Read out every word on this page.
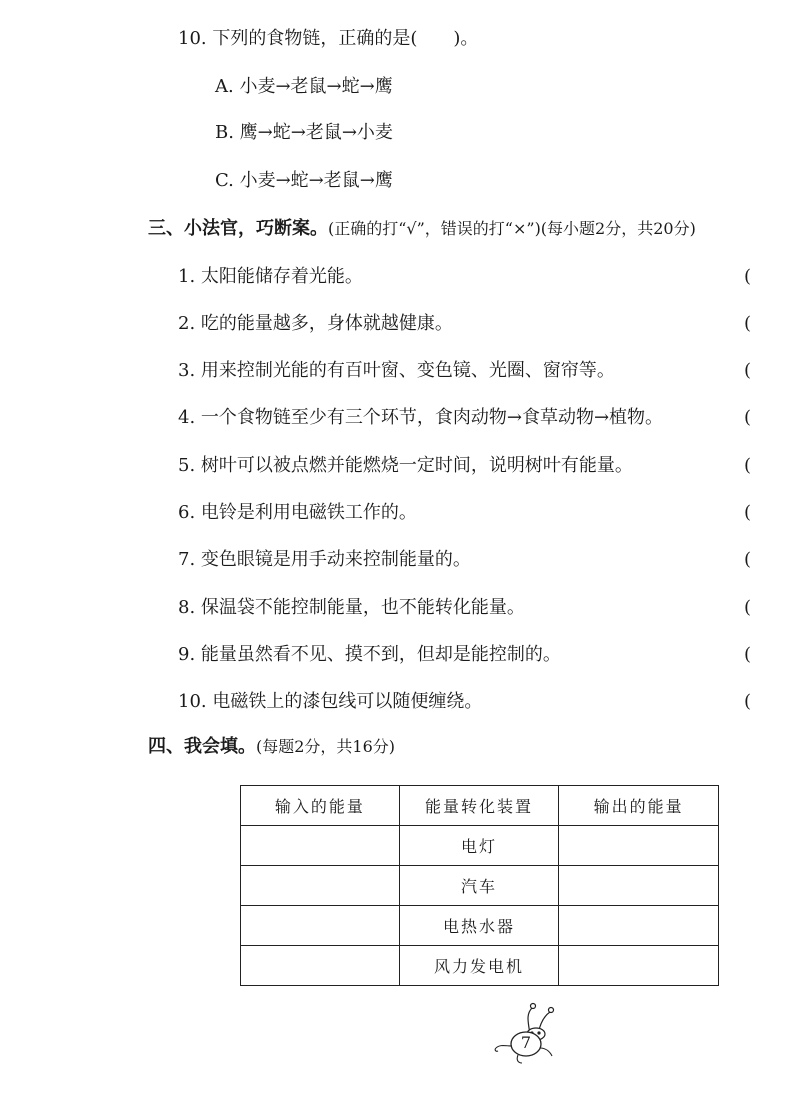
10. 下列的食物链，正确的是(　　)。
A. 小麦→老鼠→蛇→鹰
B. 鹰→蛇→老鼠→小麦
C. 小麦→蛇→老鼠→鹰
三、小法官，巧断案。(正确的打“√”，错误的打“×”)(每小题2分，共20分)
1. 太阳能储存着光能。	(
2. 吃的能量越多，身体就越健康。	(
3. 用来控制光能的有百叶窗、变色镜、光圈、窗帘等。	(
4. 一个食物链至少有三个环节，食肉动物→食草动物→植物。	(
5. 树叶可以被点燃并能燃烧一定时间，说明树叶有能量。	(
6. 电铃是利用电磁铁工作的。	(
7. 变色眼镜是用手动来控制能量的。	(
8. 保温袋不能控制能量，也不能转化能量。	(
9. 能量虽然看不见、摸不到，但却是能控制的。	(
10. 电磁铁上的漆包线可以随便缠绕。	(
四、我会填。(每题2分，共16分)
输入的能量	能量转化装置	输出的能量
	电灯	
	汽车	
	电热水器	
	风力发电机	
7
